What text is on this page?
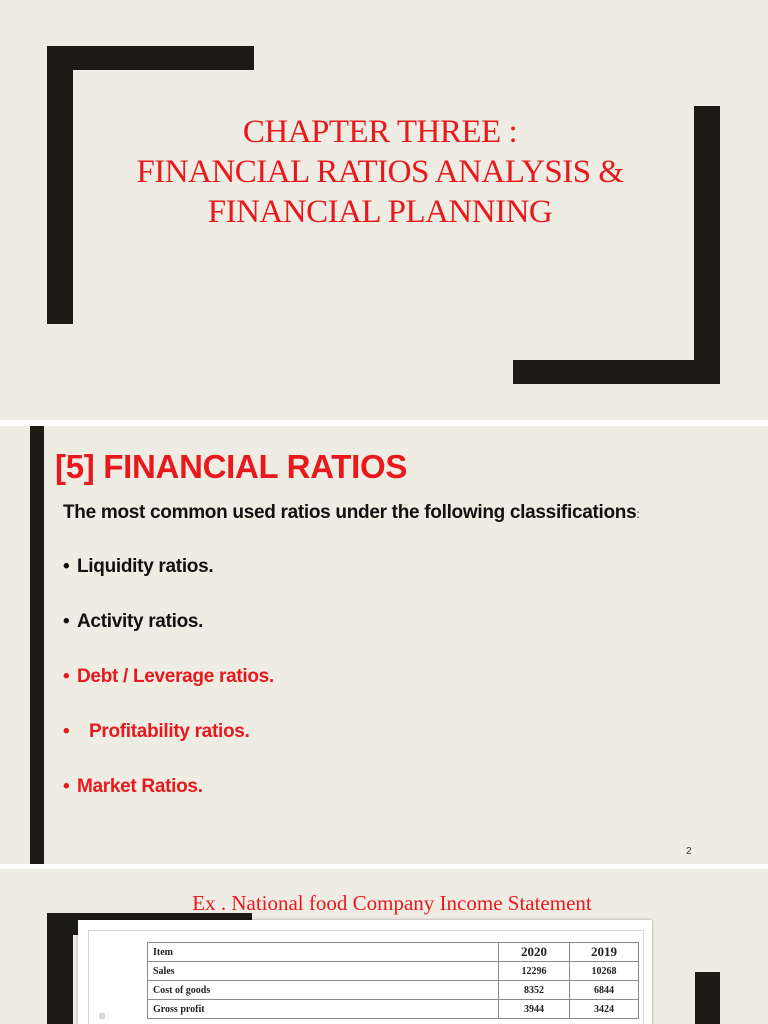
CHAPTER THREE :
FINANCIAL RATIOS ANALYSIS &
FINANCIAL PLANNING
[5] FINANCIAL RATIOS

The most common used ratios under the following classifications:

• Liquidity ratios.
• Activity ratios.
• Debt / Leverage ratios.
• Profitability ratios.
• Market Ratios.
2
Ex . National food Company Income Statement
Item	2020	2019
Sales	12296	10268
Cost of goods	8352	6844
Gross profit	3944	3424
